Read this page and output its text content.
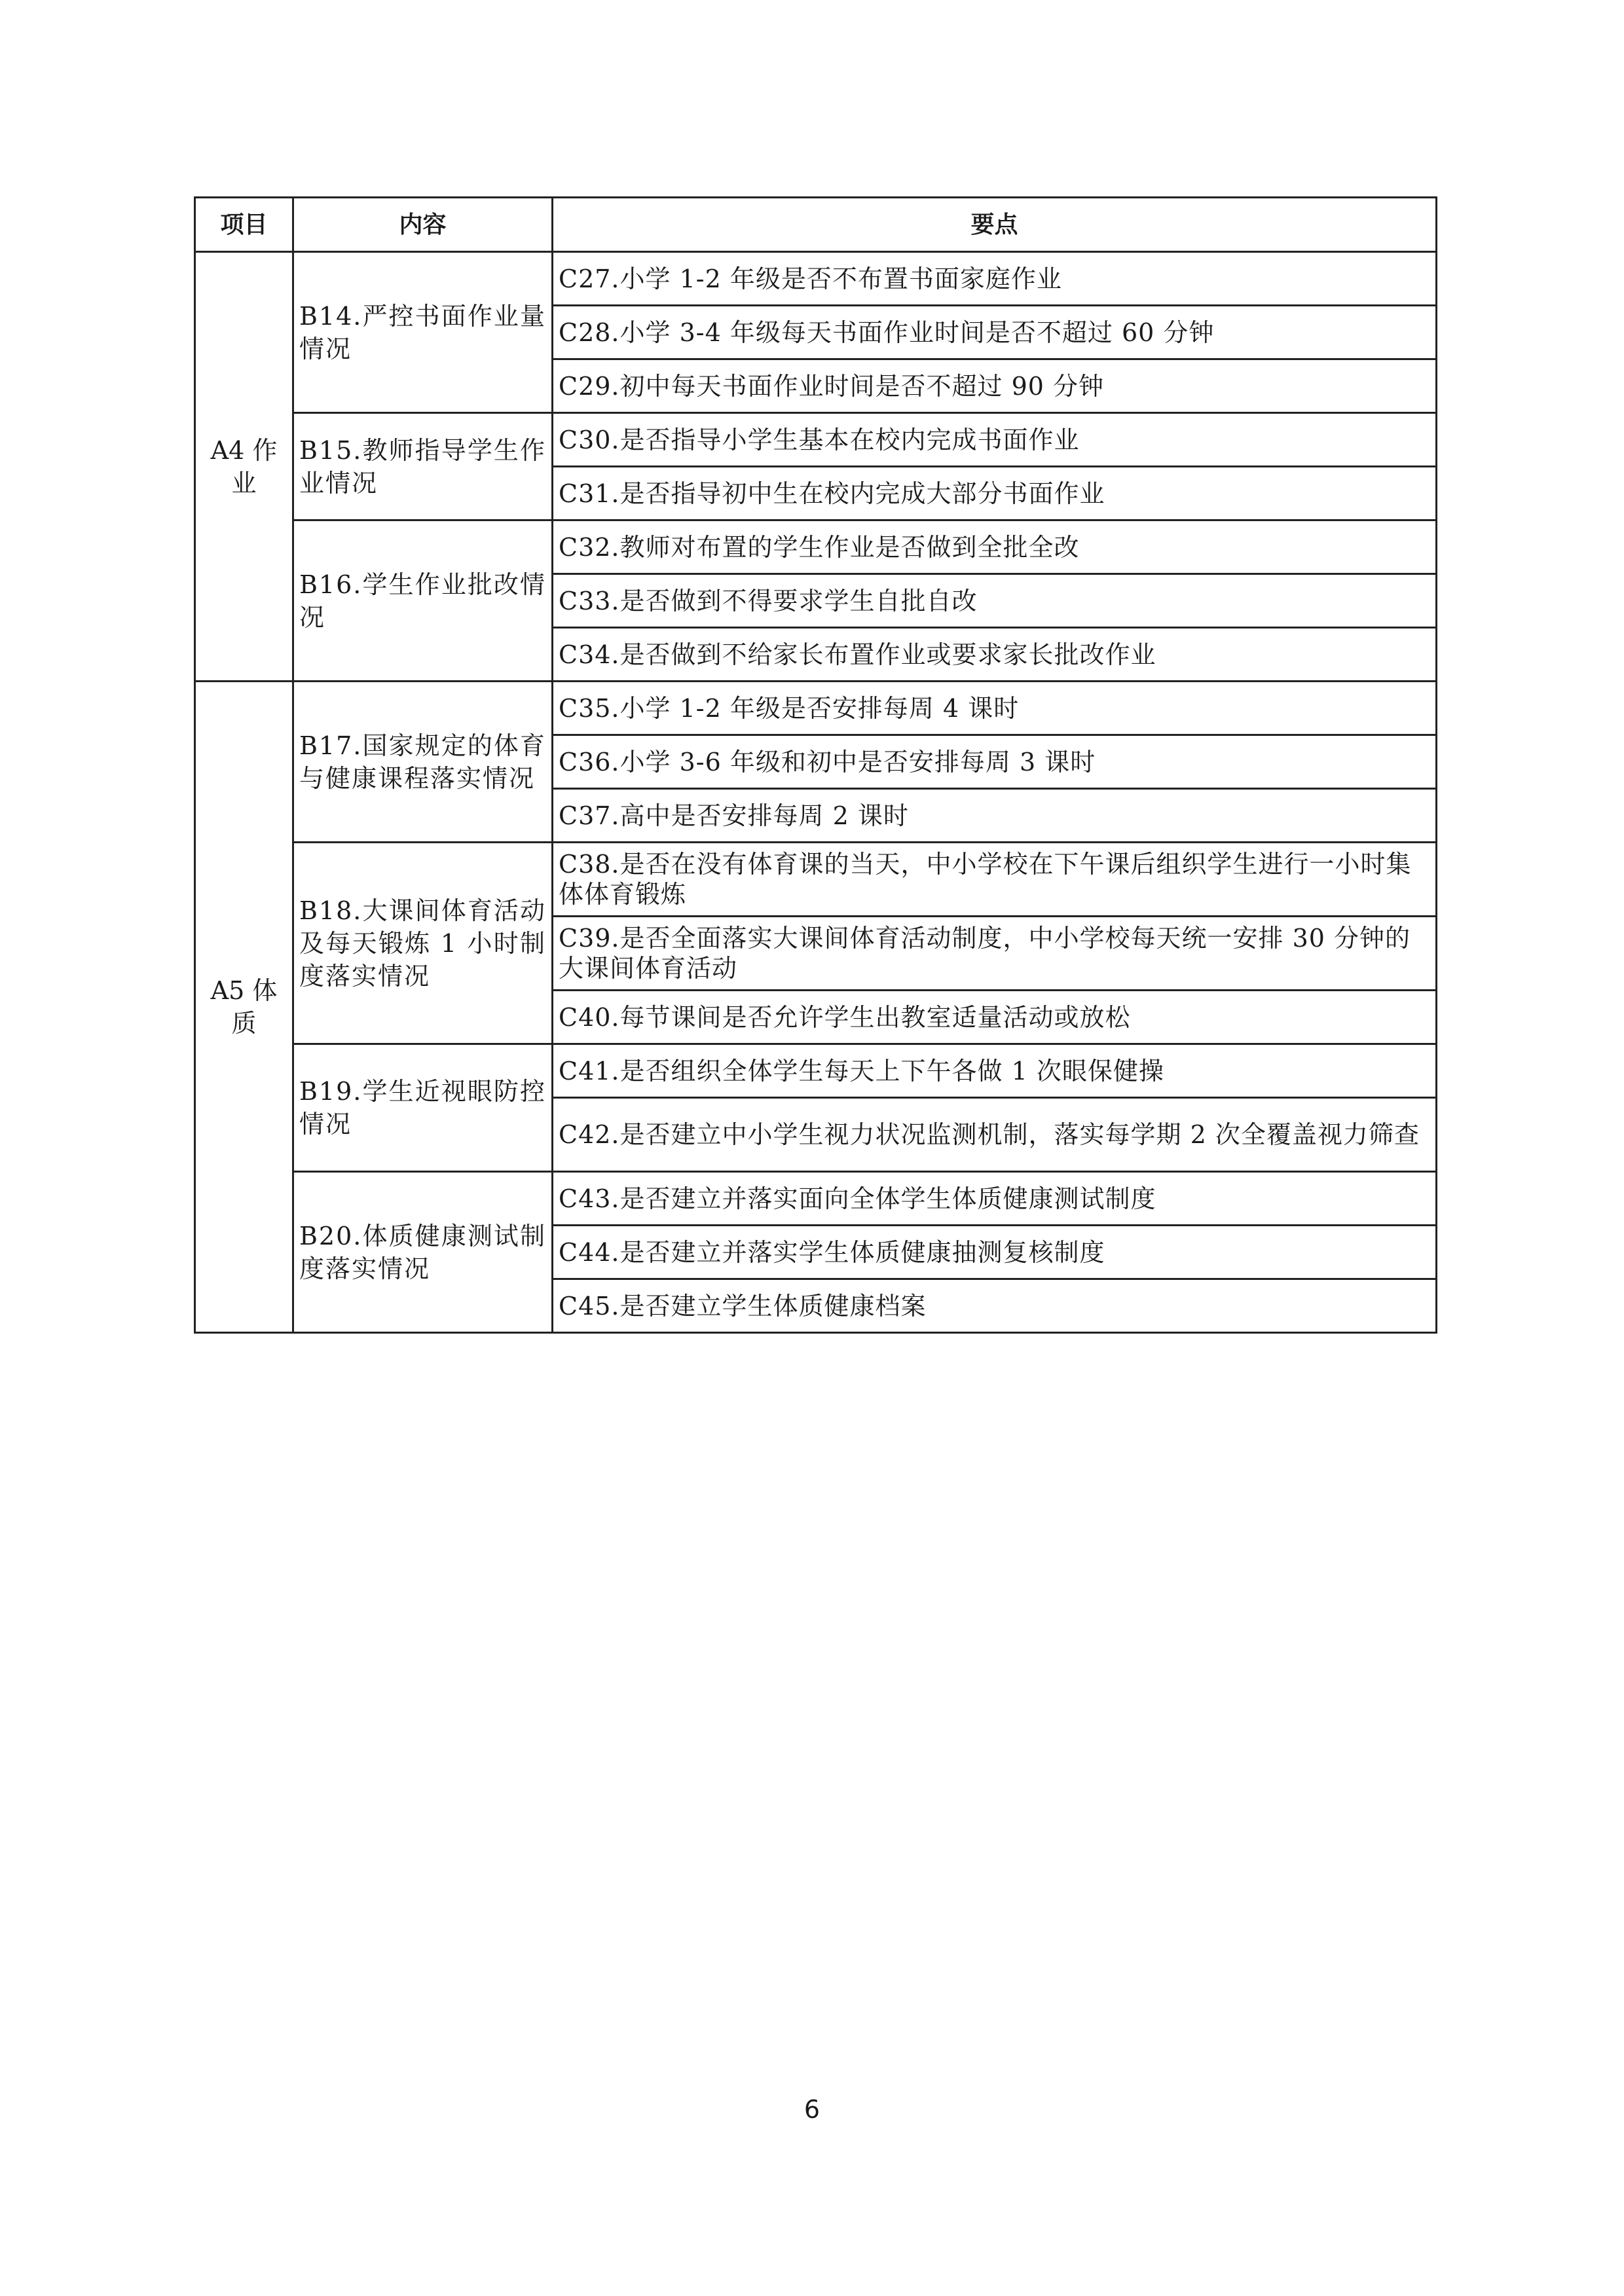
项目	内容	要点
A4 作业	B14.严控书面作业量情况	C27.小学 1-2 年级是否不布置书面家庭作业
		C28.小学 3-4 年级每天书面作业时间是否不超过 60 分钟
		C29.初中每天书面作业时间是否不超过 90 分钟
	B15.教师指导学生作业情况	C30.是否指导小学生基本在校内完成书面作业
		C31.是否指导初中生在校内完成大部分书面作业
	B16.学生作业批改情况	C32.教师对布置的学生作业是否做到全批全改
		C33.是否做到不得要求学生自批自改
		C34.是否做到不给家长布置作业或要求家长批改作业
A5 体质	B17.国家规定的体育与健康课程落实情况	C35.小学 1-2 年级是否安排每周 4 课时
		C36.小学 3-6 年级和初中是否安排每周 3 课时
		C37.高中是否安排每周 2 课时
	B18.大课间体育活动及每天锻炼 1 小时制度落实情况	C38.是否在没有体育课的当天，中小学校在下午课后组织学生进行一小时集体体育锻炼
		C39.是否全面落实大课间体育活动制度，中小学校每天统一安排 30 分钟的大课间体育活动
		C40.每节课间是否允许学生出教室适量活动或放松
	B19.学生近视眼防控情况	C41.是否组织全体学生每天上下午各做 1 次眼保健操
		C42.是否建立中小学生视力状况监测机制，落实每学期 2 次全覆盖视力筛查
	B20.体质健康测试制度落实情况	C43.是否建立并落实面向全体学生体质健康测试制度
		C44.是否建立并落实学生体质健康抽测复核制度
		C45.是否建立学生体质健康档案
6
